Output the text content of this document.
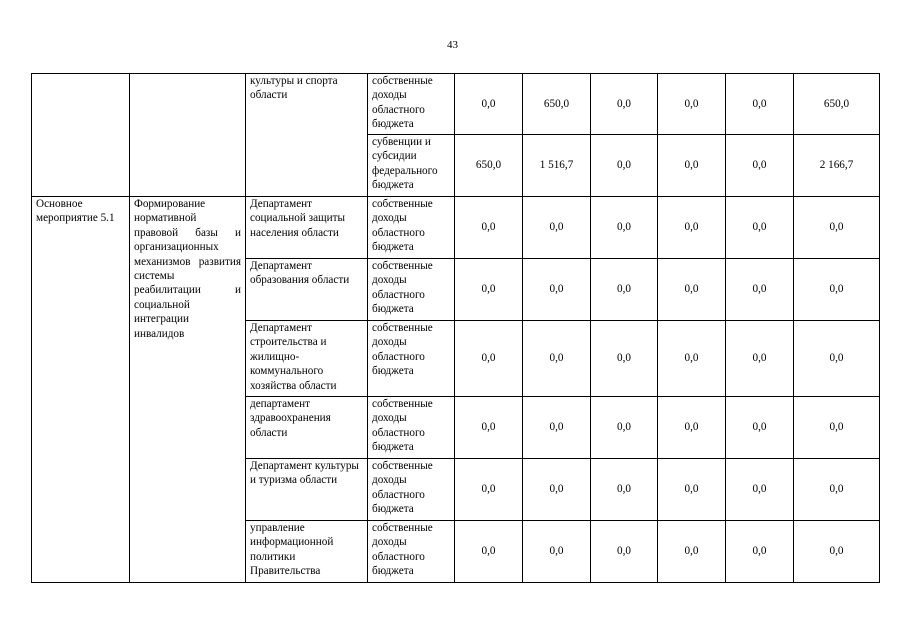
43
		культуры и спорта области	собственные доходы областного бюджета	0,0	650,0	0,0	0,0	0,0	650,0
			субвенции и субсидии федерального бюджета	650,0	1 516,7	0,0	0,0	0,0	2 166,7
Основное мероприятие 5.1	Формирование нормативной правовой базы и организационных механизмов развития системы реабилитации и социальной интеграции инвалидов	Департамент социальной защиты населения области	собственные доходы областного бюджета	0,0	0,0	0,0	0,0	0,0	0,0
		Департамент образования области	собственные доходы областного бюджета	0,0	0,0	0,0	0,0	0,0	0,0
		Департамент строительства и жилищно-коммунального хозяйства области	собственные доходы областного бюджета	0,0	0,0	0,0	0,0	0,0	0,0
		департамент здравоохранения области	собственные доходы областного бюджета	0,0	0,0	0,0	0,0	0,0	0,0
		Департамент культуры и туризма области	собственные доходы областного бюджета	0,0	0,0	0,0	0,0	0,0	0,0
		управление информационной политики Правительства	собственные доходы областного бюджета	0,0	0,0	0,0	0,0	0,0	0,0
